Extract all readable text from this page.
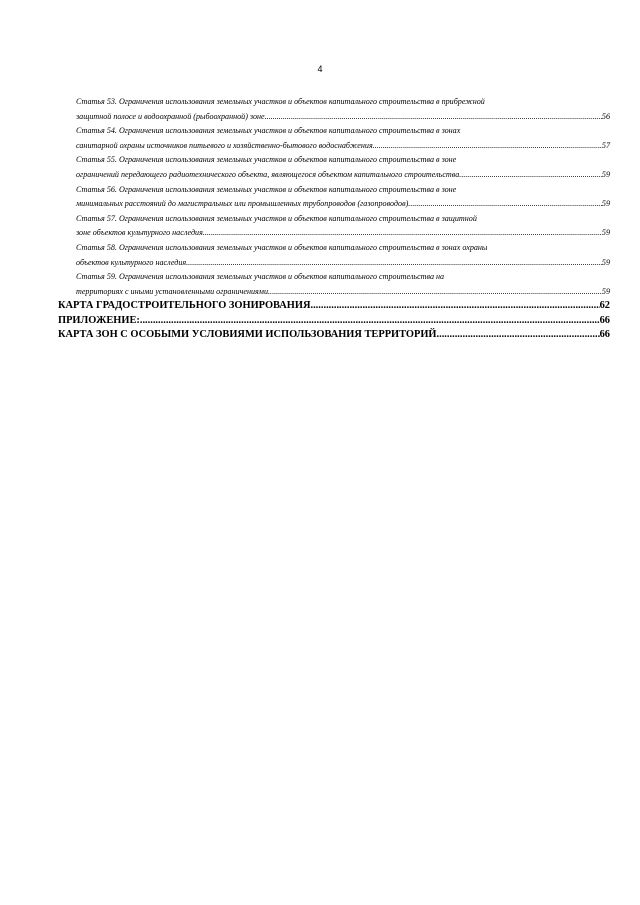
4
Статья 53. Ограничения использования земельных участков и объектов капитального строительства в прибрежной
защитной полосе и водоохранной (рыбоохранной) зоне .....	56
Статья 54. Ограничения использования земельных участков и объектов капитального строительства в зонах
санитарной охраны источников питьевого и хозяйственно-бытового водоснабжения .....	57
Статья 55. Ограничения использования земельных участков и объектов капитального строительства в зоне
ограничений передающего радиотехнического объекта, являющегося объектом капитального строительства .....	59
Статья 56. Ограничения использования земельных участков и объектов капитального строительства в зоне
минимальных расстояний до магистральных или промышленных трубопроводов (газопроводов) .....	59
Статья 57. Ограничения использования земельных участков и объектов капитального строительства в защитной
зоне объектов культурного наследия .....	59
Статья 58. Ограничения использования земельных участков и объектов капитального строительства в зонах охраны
объектов культурного наследия .....	59
Статья 59. Ограничения использования земельных участков и объектов капитального строительства на
территориях с иными установленными ограничениями .....	59
КАРТА ГРАДОСТРОИТЕЛЬНОГО ЗОНИРОВАНИЯ .....	62
ПРИЛОЖЕНИЕ: .....	66
КАРТА ЗОН С ОСОБЫМИ УСЛОВИЯМИ ИСПОЛЬЗОВАНИЯ ТЕРРИТОРИЙ .....	66
